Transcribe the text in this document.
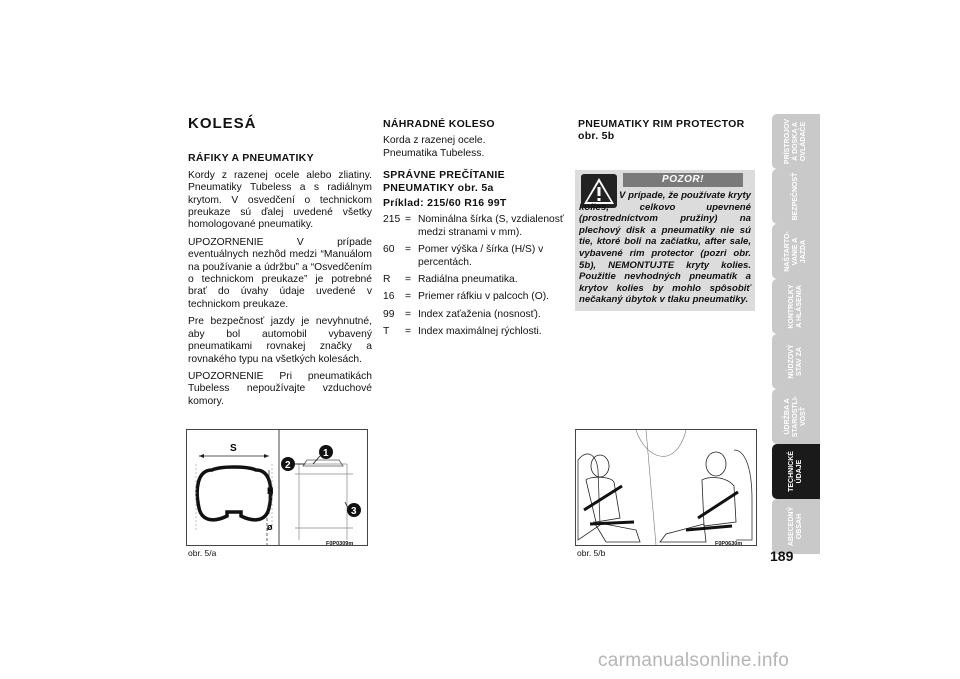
KOLESÁ
RÁFIKY A PNEUMATIKY

Kordy z razenej ocele alebo zliatiny. Pneumatiky Tubeless a s radiálnym krytom. V osvedčení o technickom preukaze sú ďalej uvedené všetky homologované pneumatiky.

UPOZORNENIE V prípade eventuálnych nezhôd medzi “Manuálom na používanie a údržbu” a “Osvedčením o technickom preukaze” je potrebné brať do úvahy údaje uvedené v technickom preukaze.

Pre bezpečnosť jazdy je nevyhnutné, aby bol automobil vybavený pneumatikami rovnakej značky a rovnakého typu na všetkých kolesách.

UPOZORNENIE Pri pneumatikách Tubeless nepoužívajte vzduchové komory.

NÁHRADNÉ KOLESO
Korda z razenej ocele.
Pneumatika Tubeless.
SPRÁVNE PREČÍTANIE PNEUMATIKY obr. 5a
Príklad: 215/60 R16 99T
215 = Nominálna šírka (S, vzdialenosť medzi stranami v mm).
60	= Pomer výška / šírka (H/S) v percentách.
R	= Radiálna pneumatika.
16	= Priemer ráfkiu v palcoch (O).
99	= Index zaťaženia (nosnosť).
T	= Index maximálnej rýchlosti.
PNEUMATIKY RIM PROTECTOR
obr. 5b
POZOR!
V prípade, že používate kryty kolies, celkovo upevnené (prostredníctvom pružiny) na plechový disk a pneumatiky nie sú tie, ktoré boli na začiatku, after sale, vybavené rim protector (pozri obr. 5b), NEMONTUJTE kryty kolies. Použitie nevhodných pneumatík a krytov kolies by mohlo spôsobiť nečakaný úbytok v tlaku pneumatiky.
S
H
ø
1
2
3
obr. 5/a
F0P0309m
obr. 5/b
F0P0630m
PRÍSTROJOV
Á DOSKA A
OVLÁDAČE
BEZPEČNOSŤ
NAŠTARTO-
VANIE A
JAZDA
KONTROLKY
A HLÁSENIA
NÚDZOVÝ
STAV ZA
ÚDRŽBA A
STAROSTLI-
VOSŤ
TECHNICKÉ
ÚDAJE
ABECEDNÝ
OBSAH
189
carmanualsonline.info
